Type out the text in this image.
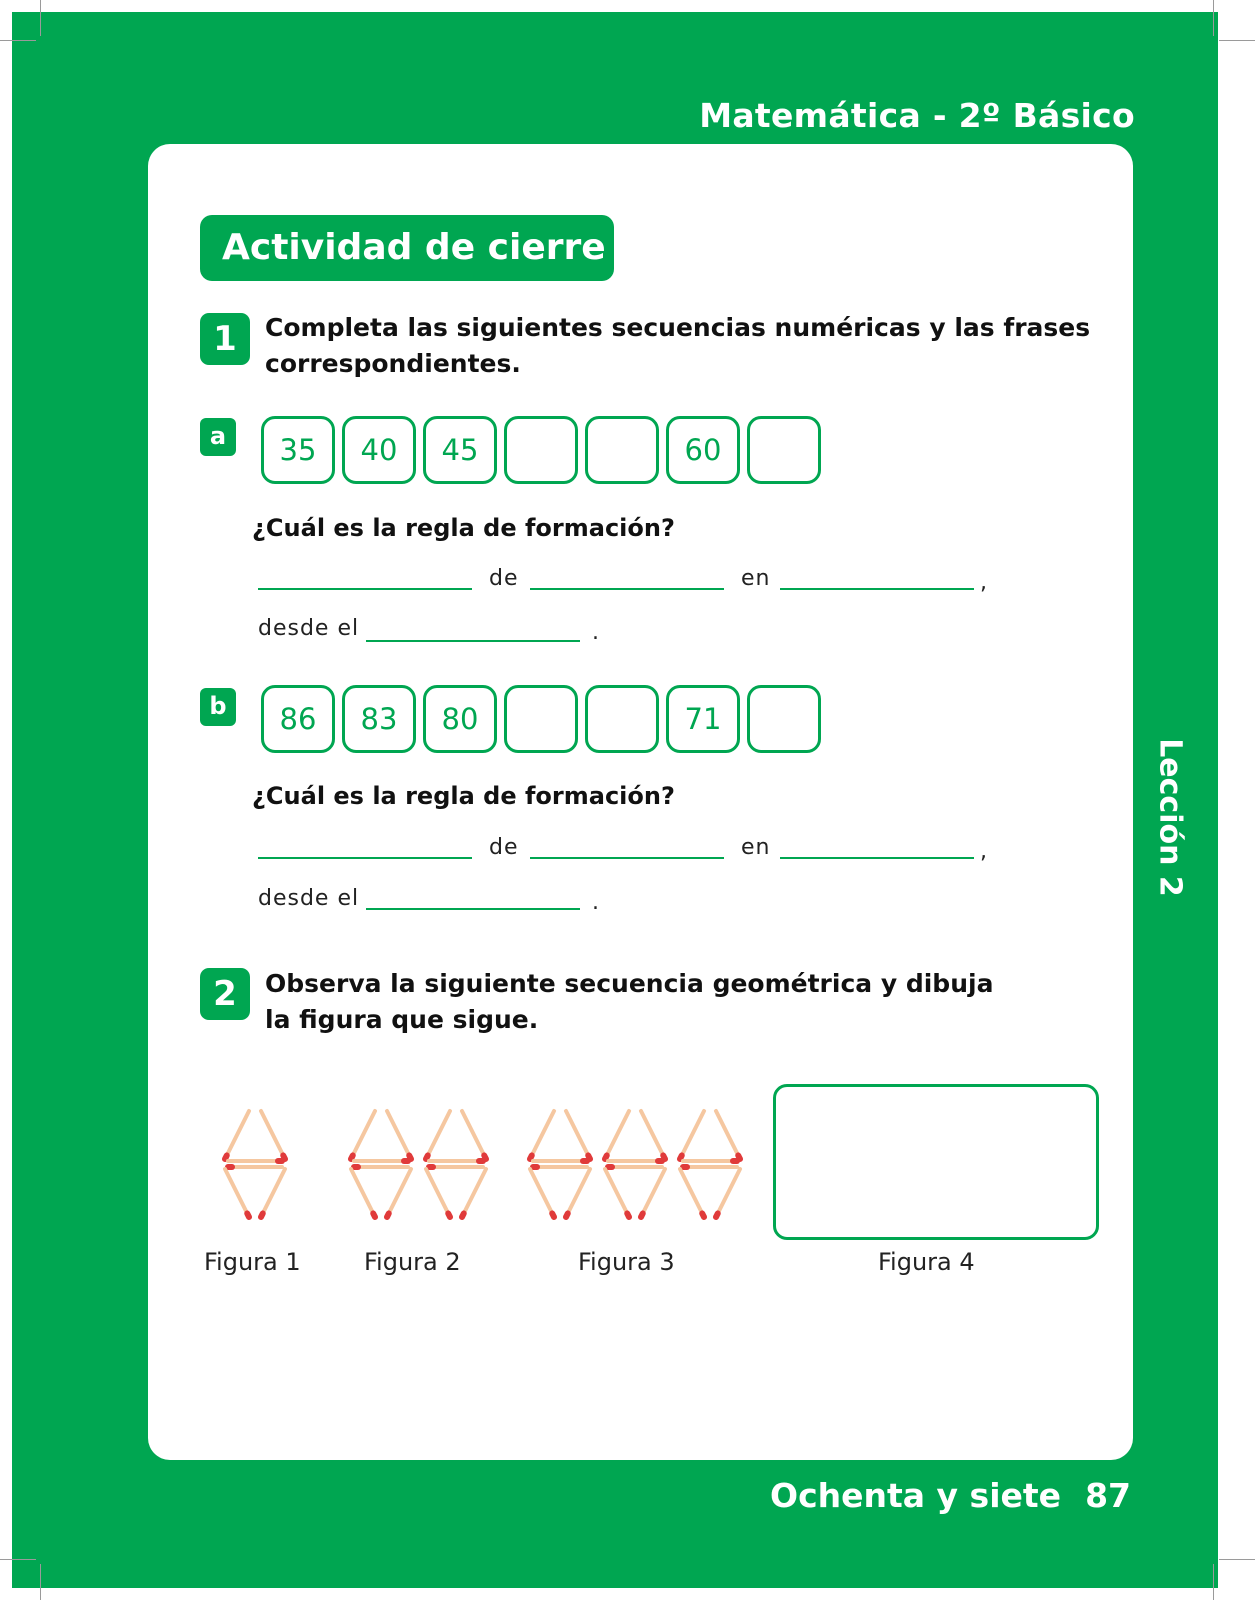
Matemática - 2º Básico
Lección 2
Actividad de cierre
1	Completa las siguientes secuencias numéricas y las frases
correspondientes.
a	35	40	45	60
¿Cuál es la regla de formación?
de	en	,
desde el	.
b	86	83	80	71
¿Cuál es la regla de formación?
de	en	,
desde el	.
2	Observa la siguiente secuencia geométrica y dibuja
la figura que sigue.
Figura 1	Figura 2	Figura 3	Figura 4
Ochenta y siete 87
